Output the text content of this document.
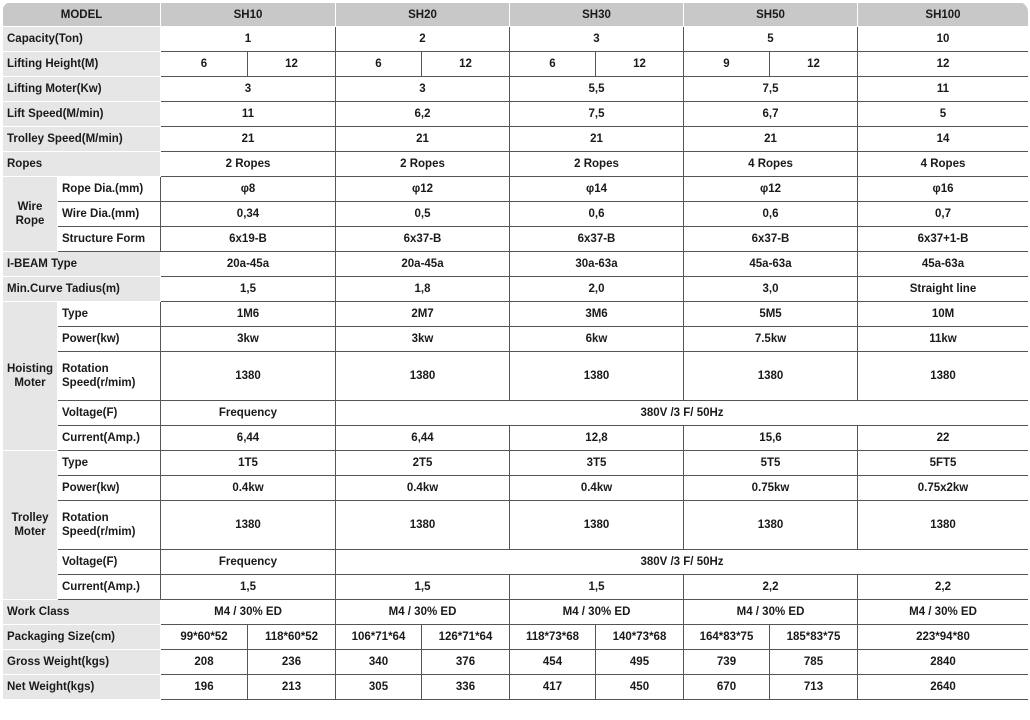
MODEL		SH10		SH20		SH30		SH50		SH100
Capacity(Ton)		1		2		3		5		10
Lifting Height(M)		6	12	6	12	6	12	9	12	12
Lifting Moter(Kw)		3		3		5,5		7,5		11
Lift Speed(M/min)		11		6,2		7,5		6,7		5
Trolley Speed(M/min)		21		21		21		21		14
Ropes		2 Ropes		2 Ropes		2 Ropes		4 Ropes		4 Ropes
Wire Rope	Rope Dia.(mm)	φ8		φ12		φ14		φ12		φ16
	Wire Dia.(mm)	0,34		0,5		0,6		0,6		0,7
	Structure Form	6x19-B		6x37-B		6x37-B		6x37-B		6x37+1-B
I-BEAM Type		20a-45a		20a-45a		30a-63a		45a-63a		45a-63a
Min.Curve Tadius(m)		1,5		1,8		2,0		3,0		Straight line
Hoisting Moter	Type	1M6		2M7		3M6		5M5		10M
	Power(kw)	3kw		3kw		6kw		7.5kw		11kw
	Rotation Speed(r/mim)	1380		1380		1380		1380		1380
	Voltage(F)	Frequency		380V /3 F/ 50Hz						
	Current(Amp.)	6,44		6,44		12,8		15,6		22
Trolley Moter	Type	1T5		2T5		3T5		5T5		5FT5
	Power(kw)	0.4kw		0.4kw		0.4kw		0.75kw		0.75x2kw
	Rotation Speed(r/mim)	1380		1380		1380		1380		1380
	Voltage(F)	Frequency		380V /3 F/ 50Hz						
	Current(Amp.)	1,5		1,5		1,5		2,2		2,2
Work Class		M4 / 30% ED		M4 / 30% ED		M4 / 30% ED		M4 / 30% ED		M4 / 30% ED
Packaging Size(cm)		99*60*52	118*60*52	106*71*64	126*71*64	118*73*68	140*73*68	164*83*75	185*83*75	223*94*80
Gross Weight(kgs)		208	236	340	376	454	495	739	785	2840
Net Weight(kgs)		196	213	305	336	417	450	670	713	2640
